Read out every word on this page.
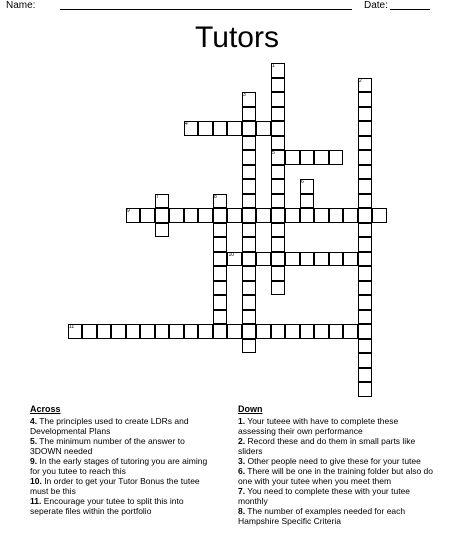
Name:	Date:
Tutors
1
2
3
4
5
6
7	8
9
10
11
Across	Down
4. The principles used to create LDRs and Developmental Plans
5. The minimum number of the answer to 3DOWN needed
9. In the early stages of tutoring you are aiming for you tutee to reach this
10. In order to get your Tutor Bonus the tutee must be this
11. Encourage your tutee to split this into seperate files within the portfolio
1. Your tuteee with have to complete these assessing their own performance
2. Record these and do them in small parts like sliders
3. Other people need to give these for your tutee
6. There will be one in the training folder but also do one with your tutee when you meet them
7. You need to complete these with your tutee monthly
8. The number of examples needed for each Hampshire Specific Criteria
